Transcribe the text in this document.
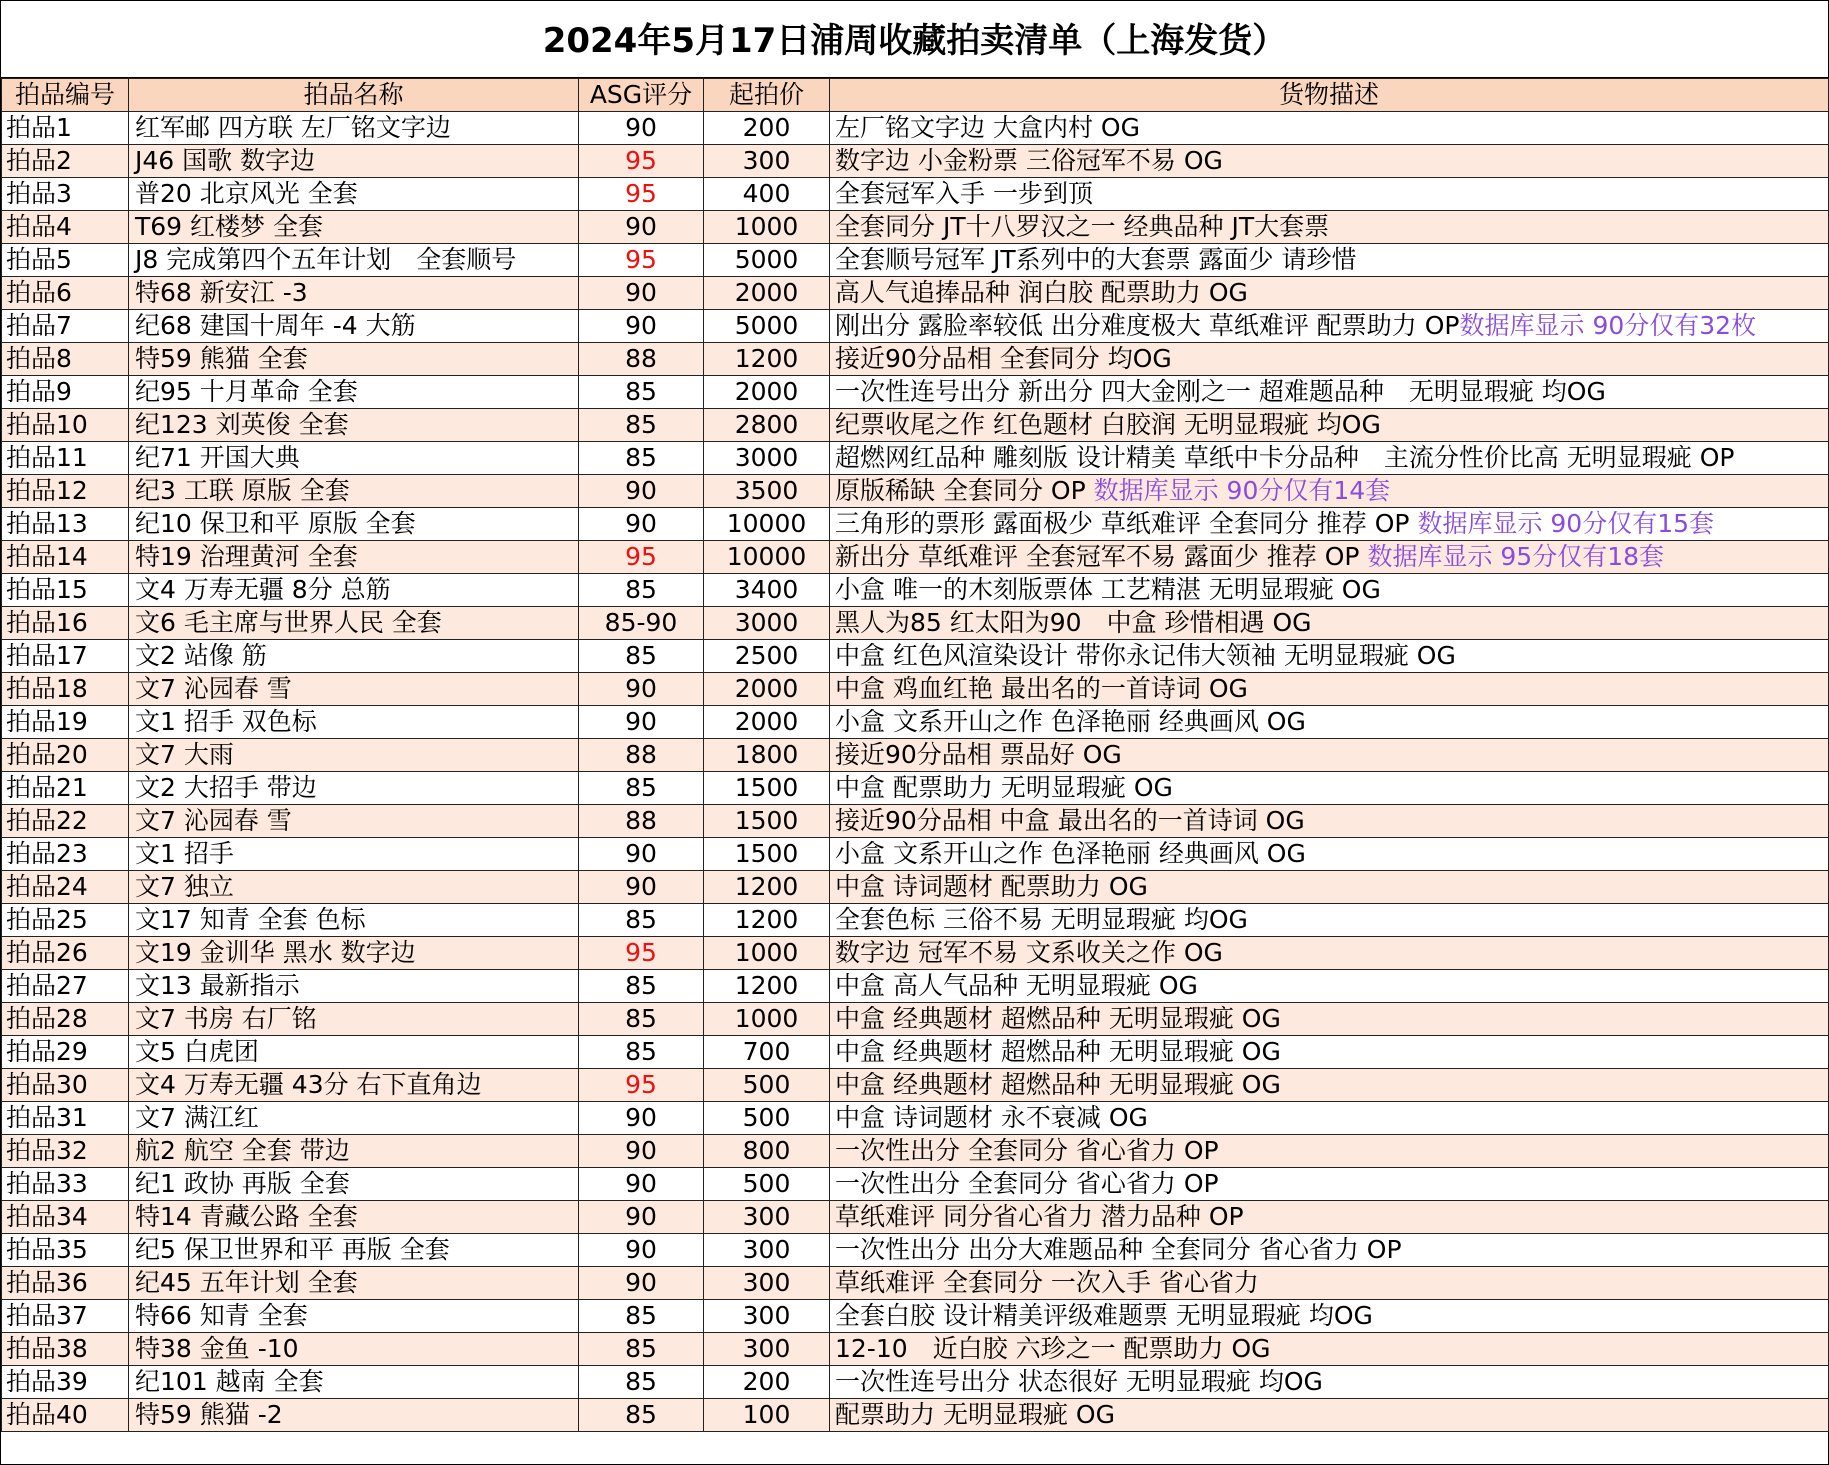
2024年5月17日浦周收藏拍卖清单（上海发货）
拍品编号	拍品名称	ASG评分	起拍价	货物描述
拍品1	红军邮 四方联 左厂铭文字边	90	200	左厂铭文字边 大盒内村 OG
拍品2	J46 国歌 数字边	95	300	数字边 小金粉票 三俗冠军不易 OG
拍品3	普20 北京风光 全套	95	400	全套冠军入手 一步到顶
拍品4	T69 红楼梦 全套	90	1000	全套同分 JT十八罗汉之一 经典品种 JT大套票
拍品5	J8 完成第四个五年计划　全套顺号	95	5000	全套顺号冠军 JT系列中的大套票 露面少 请珍惜
拍品6	特68 新安江 -3	90	2000	高人气追捧品种 润白胶 配票助力 OG
拍品7	纪68 建国十周年 -4 大筋	90	5000	刚出分 露脸率较低 出分难度极大 草纸难评 配票助力 OP数据库显示 90分仅有32枚
拍品8	特59 熊猫 全套	88	1200	接近90分品相 全套同分 均OG
拍品9	纪95 十月革命 全套	85	2000	一次性连号出分 新出分 四大金刚之一 超难题品种　无明显瑕疵 均OG
拍品10	纪123 刘英俊 全套	85	2800	纪票收尾之作 红色题材 白胶润 无明显瑕疵 均OG
拍品11	纪71 开国大典	85	3000	超燃网红品种 雕刻版 设计精美 草纸中卡分品种　主流分性价比高 无明显瑕疵 OP
拍品12	纪3 工联 原版 全套	90	3500	原版稀缺 全套同分 OP 数据库显示 90分仅有14套
拍品13	纪10 保卫和平 原版 全套	90	10000	三角形的票形 露面极少 草纸难评 全套同分 推荐 OP 数据库显示 90分仅有15套
拍品14	特19 治理黄河 全套	95	10000	新出分 草纸难评 全套冠军不易 露面少 推荐 OP 数据库显示 95分仅有18套
拍品15	文4 万寿无疆 8分 总筋	85	3400	小盒 唯一的木刻版票体 工艺精湛 无明显瑕疵 OG
拍品16	文6 毛主席与世界人民 全套	85-90	3000	黑人为85 红太阳为90　中盒 珍惜相遇 OG
拍品17	文2 站像 筋	85	2500	中盒 红色风渲染设计 带你永记伟大领袖 无明显瑕疵 OG
拍品18	文7 沁园春 雪	90	2000	中盒 鸡血红艳 最出名的一首诗词 OG
拍品19	文1 招手 双色标	90	2000	小盒 文系开山之作 色泽艳丽 经典画风 OG
拍品20	文7 大雨	88	1800	接近90分品相 票品好 OG
拍品21	文2 大招手 带边	85	1500	中盒 配票助力 无明显瑕疵 OG
拍品22	文7 沁园春 雪	88	1500	接近90分品相 中盒 最出名的一首诗词 OG
拍品23	文1 招手	90	1500	小盒 文系开山之作 色泽艳丽 经典画风 OG
拍品24	文7 独立	90	1200	中盒 诗词题材 配票助力 OG
拍品25	文17 知青 全套 色标	85	1200	全套色标 三俗不易 无明显瑕疵 均OG
拍品26	文19 金训华 黑水 数字边	95	1000	数字边 冠军不易 文系收关之作 OG
拍品27	文13 最新指示	85	1200	中盒 高人气品种 无明显瑕疵 OG
拍品28	文7 书房 右厂铭	85	1000	中盒 经典题材 超燃品种 无明显瑕疵 OG
拍品29	文5 白虎团	85	700	中盒 经典题材 超燃品种 无明显瑕疵 OG
拍品30	文4 万寿无疆 43分 右下直角边	95	500	中盒 经典题材 超燃品种 无明显瑕疵 OG
拍品31	文7 满江红	90	500	中盒 诗词题材 永不衰减 OG
拍品32	航2 航空 全套 带边	90	800	一次性出分 全套同分 省心省力 OP
拍品33	纪1 政协 再版 全套	90	500	一次性出分 全套同分 省心省力 OP
拍品34	特14 青藏公路 全套	90	300	草纸难评 同分省心省力 潜力品种 OP
拍品35	纪5 保卫世界和平 再版 全套	90	300	一次性出分 出分大难题品种 全套同分 省心省力 OP
拍品36	纪45 五年计划 全套	90	300	草纸难评 全套同分 一次入手 省心省力
拍品37	特66 知青 全套	85	300	全套白胶 设计精美评级难题票 无明显瑕疵 均OG
拍品38	特38 金鱼 -10	85	300	12-10　近白胶 六珍之一 配票助力 OG
拍品39	纪101 越南 全套	85	200	一次性连号出分 状态很好 无明显瑕疵 均OG
拍品40	特59 熊猫 -2	85	100	配票助力 无明显瑕疵 OG
